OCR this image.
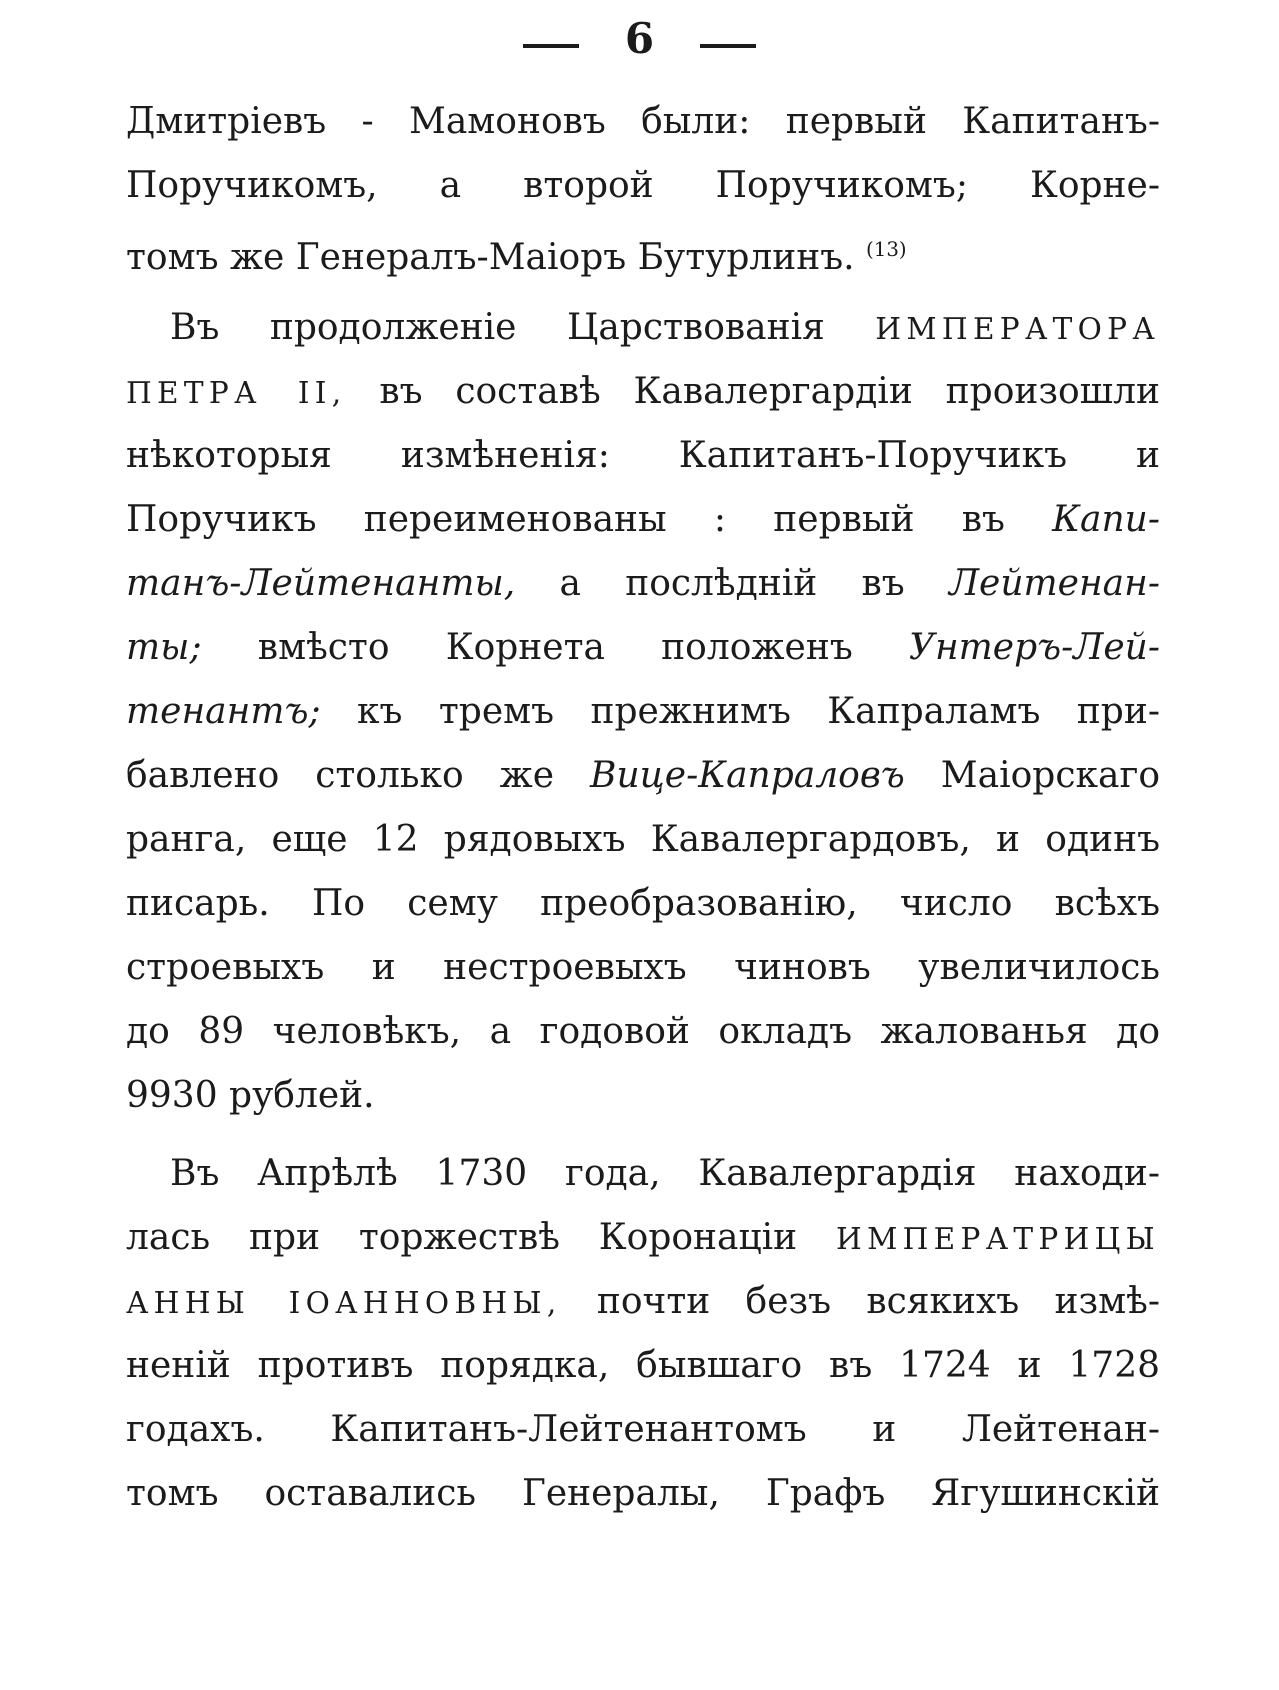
6
Дмитріевъ - Мамоновъ были: первый Капитанъ-
Поручикомъ, а второй Поручикомъ; Корне-
томъ же Генералъ-Маіоръ Бутурлинъ. $^{(13)}$
Въ продолженіе Царствованія ИМПЕРАТОРА
ПЕТРА II, въ составѣ Кавалергардіи произошли
нѣкоторыя измѣненія: Капитанъ-Поручикъ и
Поручикъ переименованы : первый въ Капи-
танъ-Лейтенанты, а послѣдній въ Лейтенан-
ты; вмѣсто Корнета положенъ Унтеръ-Лей-
тенантъ; къ тремъ прежнимъ Капраламъ при-
бавлено столько же Вице-Капраловъ Маіорскаго
ранга, еще 12 рядовыхъ Кавалергардовъ, и одинъ
писарь. По сему преобразованію, число всѣхъ
строевыхъ и нестроевыхъ чиновъ увеличилось
до 89 человѣкъ, а годовой окладъ жалованья до
9930 рублей.
Въ Апрѣлѣ 1730 года, Кавалергардія находи-
лась при торжествѣ Коронаціи ИМПЕРАТРИЦЫ
АННЫ ІОАННОВНЫ, почти безъ всякихъ измѣ-
неній противъ порядка, бывшаго въ 1724 и 1728
годахъ. Капитанъ-Лейтенантомъ и Лейтенан-
томъ оставались Генералы, Графъ Ягушинскій
